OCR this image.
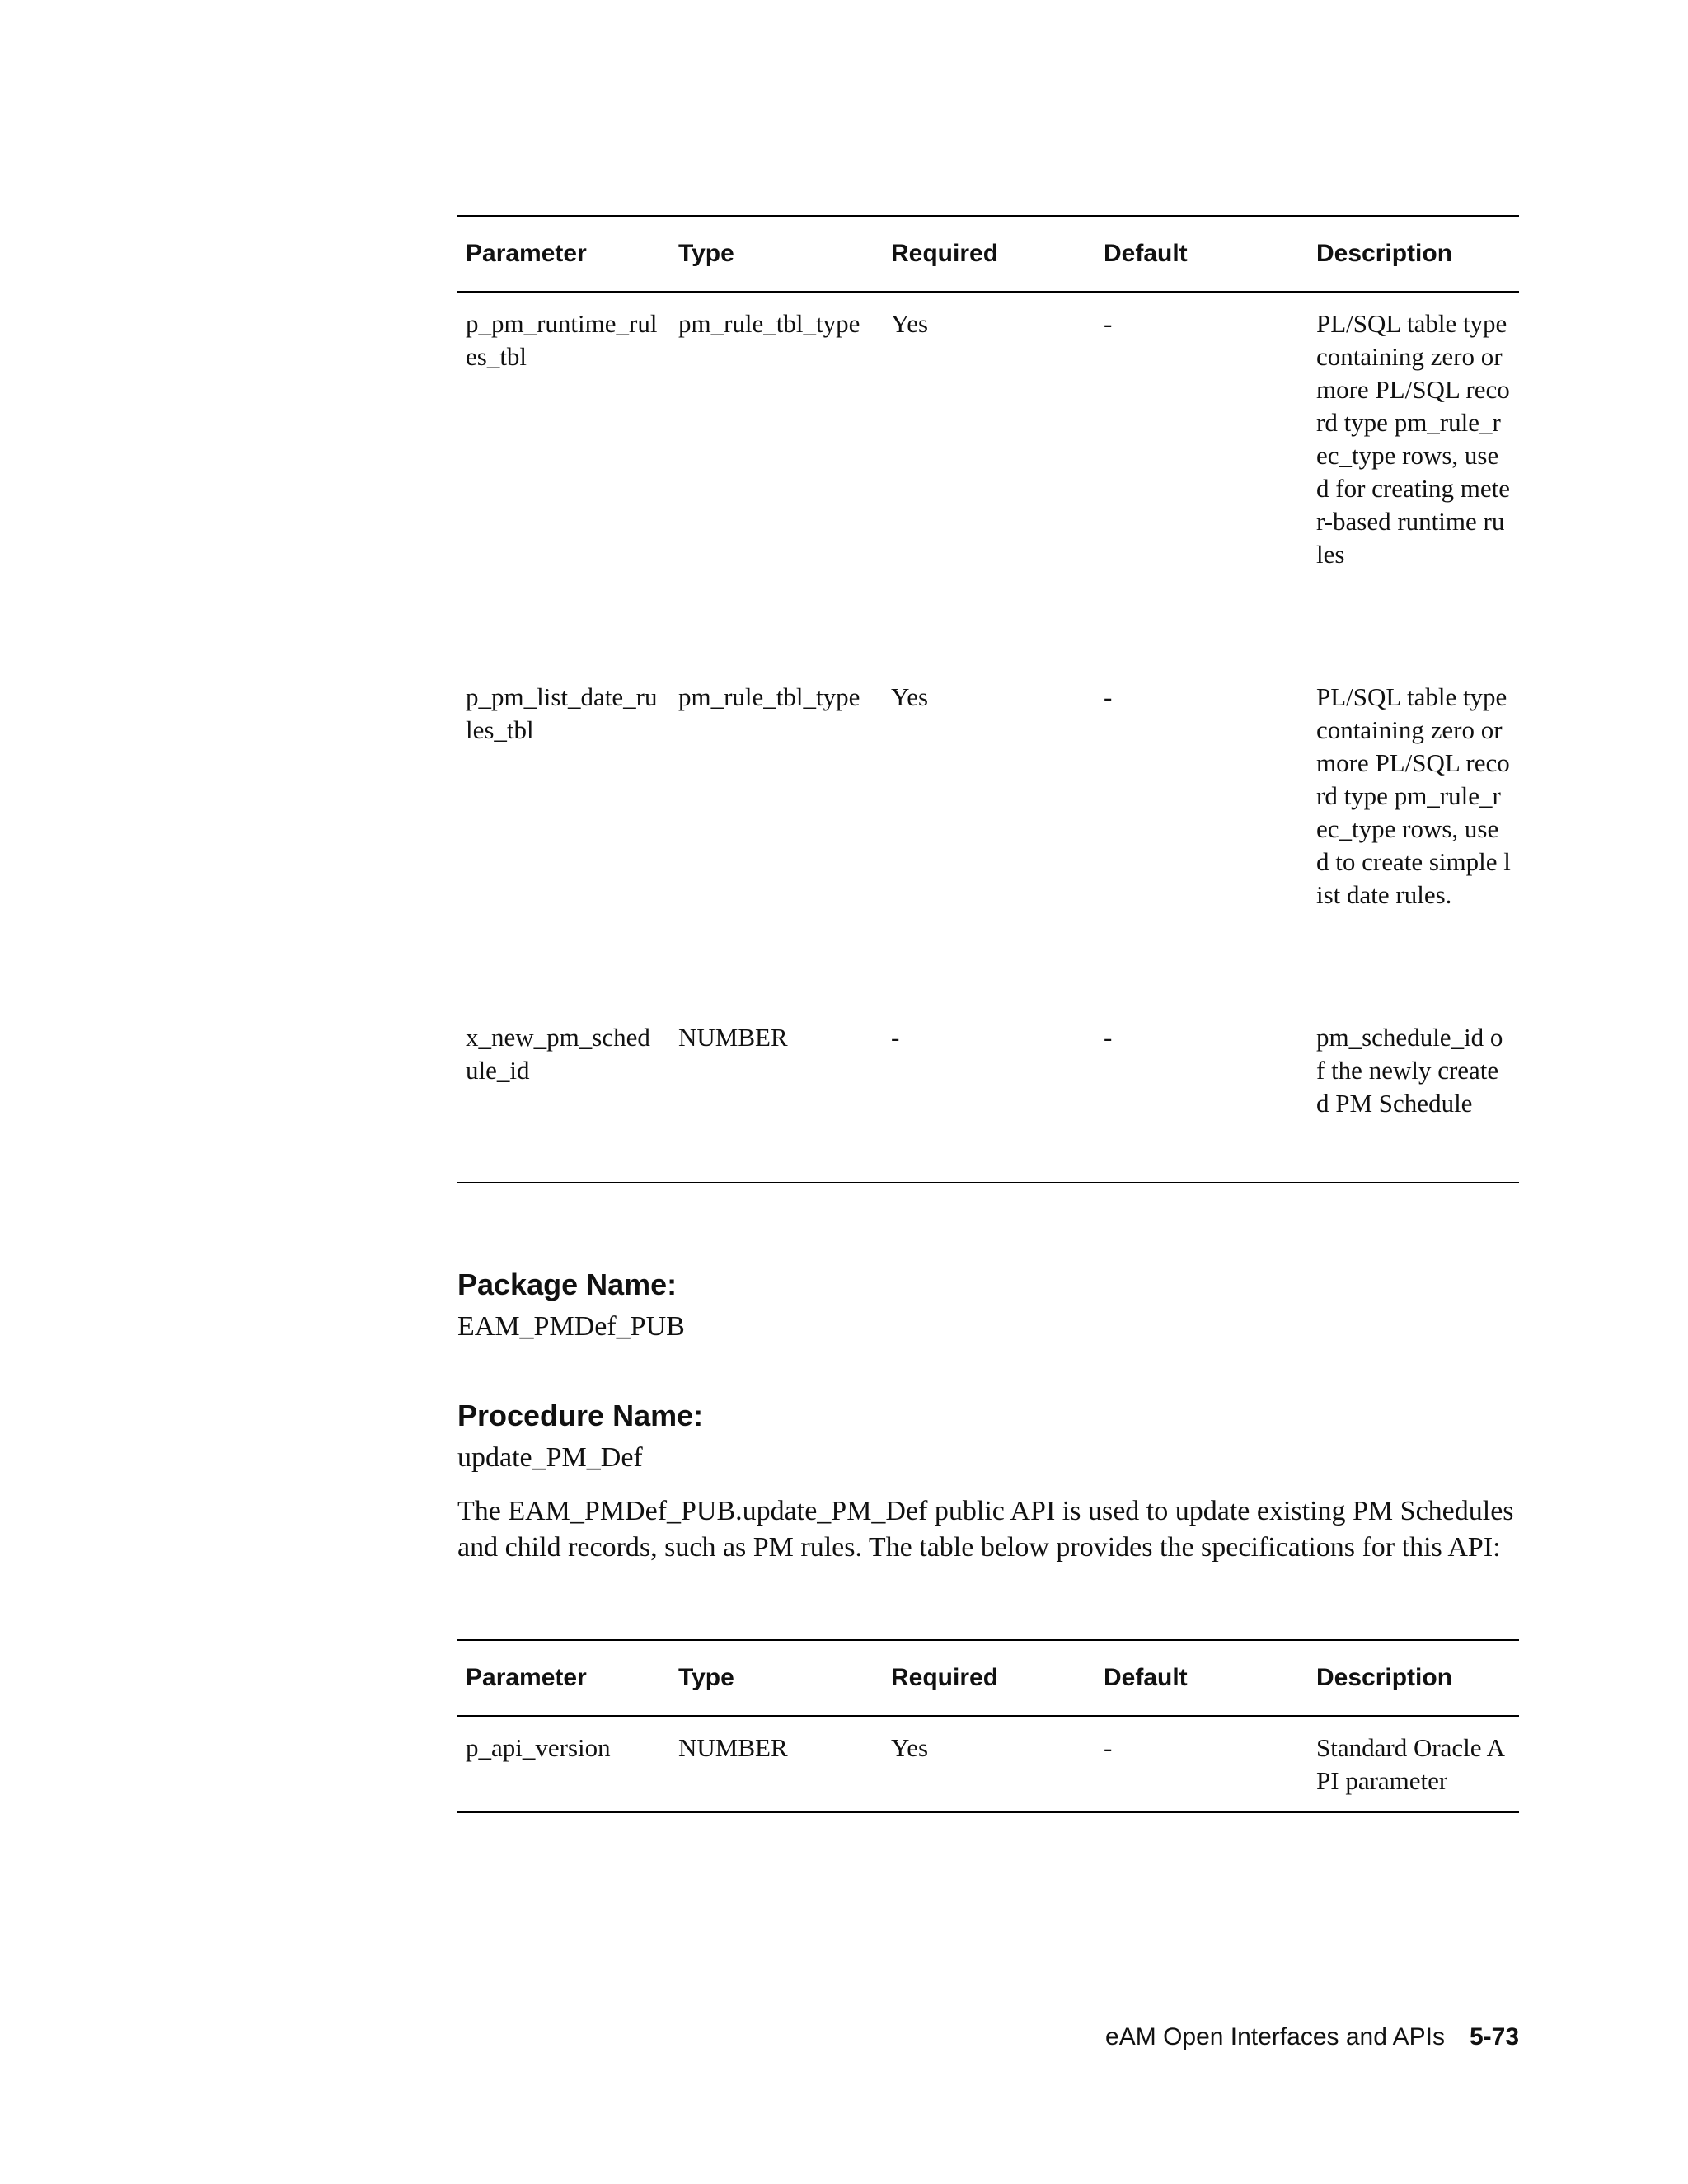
Parameter	Type	Required	Default	Description
p_pm_runtime_rules_tbl	pm_rule_tbl_type	Yes	-	PL/SQL table type containing zero or more PL/SQL record type pm_rule_rec_type rows, used for creating meter-based runtime rules
p_pm_list_date_rules_tbl	pm_rule_tbl_type	Yes	-	PL/SQL table type containing zero or more PL/SQL record type pm_rule_rec_type rows, used to create simple list date rules.
x_new_pm_schedule_id	NUMBER	-	-	pm_schedule_id of the newly created PM Schedule
Package Name:

EAM_PMDef_PUB

Procedure Name:

update_PM_Def

The EAM_PMDef_PUB.update_PM_Def public API is used to update existing PM Schedules and child records, such as PM rules. The table below provides the specifications for this API:

Parameter	Type	Required	Default	Description
p_api_version	NUMBER	Yes	-	Standard Oracle API parameter
eAM Open Interfaces and APIs 5-73
